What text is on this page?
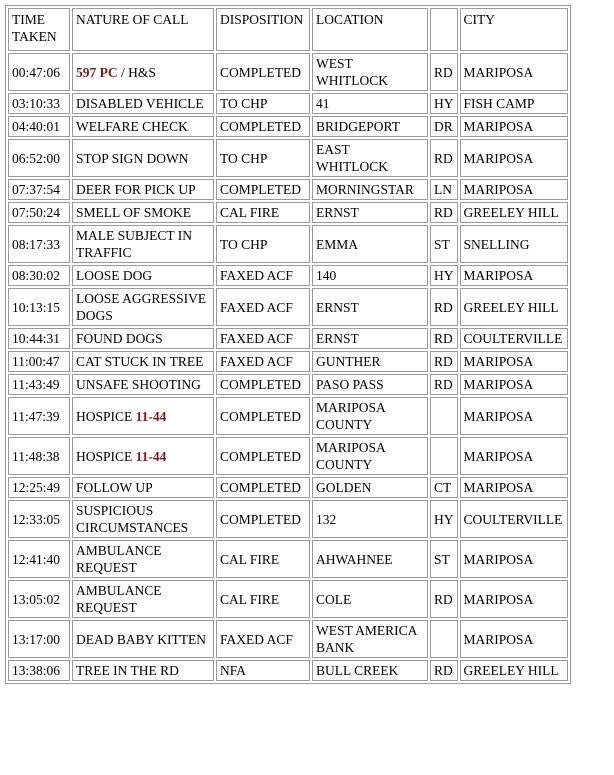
TIME TAKEN	NATURE OF CALL	DISPOSITION	LOCATION		CITY
00:47:06	597 PC / H&S	COMPLETED	WEST WHITLOCK	RD	MARIPOSA
03:10:33	DISABLED VEHICLE	TO CHP	41	HY	FISH CAMP
04:40:01	WELFARE CHECK	COMPLETED	BRIDGEPORT	DR	MARIPOSA
06:52:00	STOP SIGN DOWN	TO CHP	EAST WHITLOCK	RD	MARIPOSA
07:37:54	DEER FOR PICK UP	COMPLETED	MORNINGSTAR	LN	MARIPOSA
07:50:24	SMELL OF SMOKE	CAL FIRE	ERNST	RD	GREELEY HILL
08:17:33	MALE SUBJECT IN TRAFFIC	TO CHP	EMMA	ST	SNELLING
08:30:02	LOOSE DOG	FAXED ACF	140	HY	MARIPOSA
10:13:15	LOOSE AGGRESSIVE DOGS	FAXED ACF	ERNST	RD	GREELEY HILL
10:44:31	FOUND DOGS	FAXED ACF	ERNST	RD	COULTERVILLE
11:00:47	CAT STUCK IN TREE	FAXED ACF	GUNTHER	RD	MARIPOSA
11:43:49	UNSAFE SHOOTING	COMPLETED	PASO PASS	RD	MARIPOSA
11:47:39	HOSPICE 11-44	COMPLETED	MARIPOSA COUNTY		MARIPOSA
11:48:38	HOSPICE 11-44	COMPLETED	MARIPOSA COUNTY		MARIPOSA
12:25:49	FOLLOW UP	COMPLETED	GOLDEN	CT	MARIPOSA
12:33:05	SUSPICIOUS CIRCUMSTANCES	COMPLETED	132	HY	COULTERVILLE
12:41:40	AMBULANCE REQUEST	CAL FIRE	AHWAHNEE	ST	MARIPOSA
13:05:02	AMBULANCE REQUEST	CAL FIRE	COLE	RD	MARIPOSA
13:17:00	DEAD BABY KITTEN	FAXED ACF	WEST AMERICA BANK		MARIPOSA
13:38:06	TREE IN THE RD	NFA	BULL CREEK	RD	GREELEY HILL
